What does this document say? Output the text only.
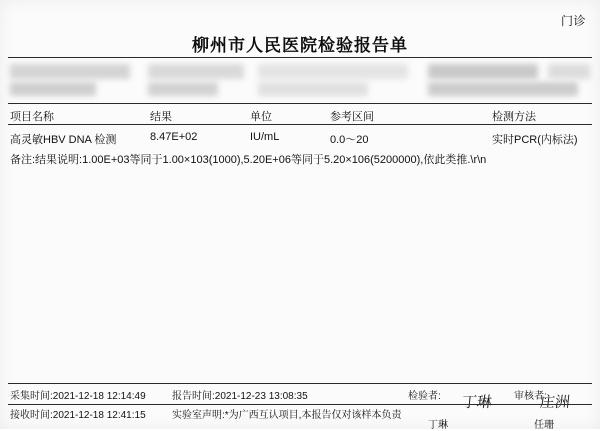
门诊
柳州市人民医院检验报告单
项目名称	结果	单位	参考区间	检测方法
高灵敏HBV DNA 检测	8.47E+02	IU/mL	0.0～20	实时PCR(内标法)
备注:结果说明:1.00E+03等同于1.00×103(1000),5.20E+06等同于5.20×106(5200000),依此类推.\r\n
采集时间:2021-12-18 12:14:49
接收时间:2021-12-18 12:41:15
报告时间:2021-12-23 13:08:35
实验室声明:*为广西互认项目,本报告仅对该样本负责
检验者:	审核者:
丁琳	庄洲
丁琳	任珊
